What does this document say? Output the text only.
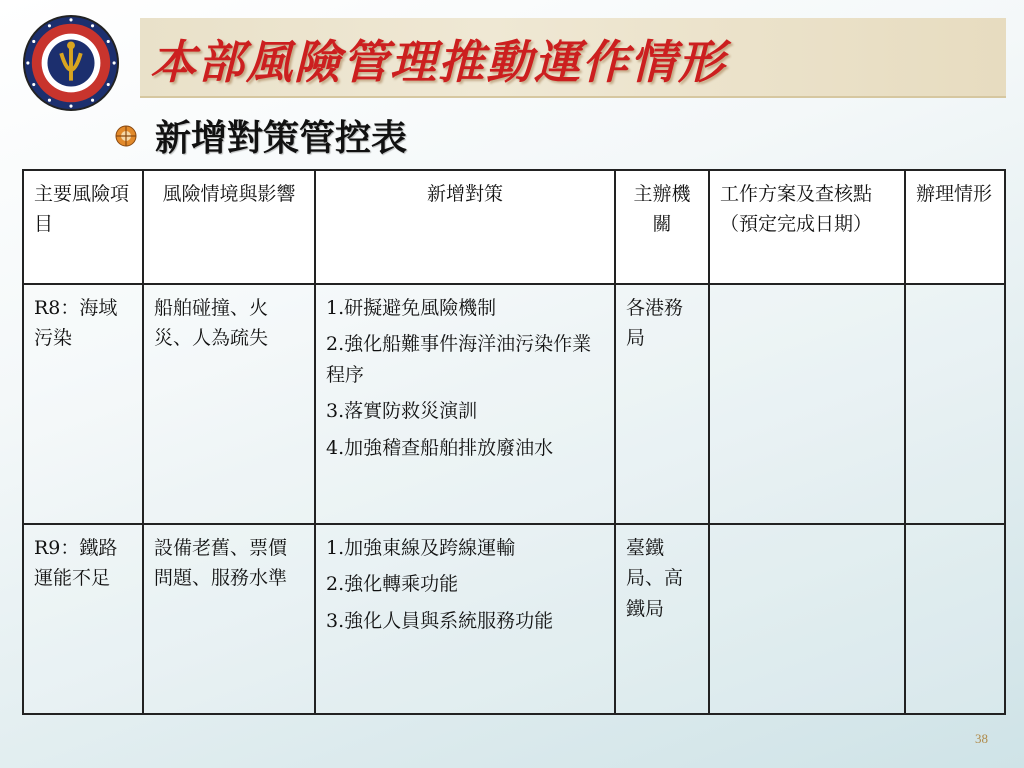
本部風險管理推動運作情形
新增對策管控表
主要風險項目	風險情境與影響	新增對策	主辦機關	工作方案及查核點（預定完成日期）	辦理情形
R8：海域污染	船舶碰撞、火災、人為疏失	1.研擬避免風險機制

2.強化船難事件海洋油污染作業程序

3.落實防救災演訓

4.加強稽查船舶排放廢油水	各港務局		
R9：鐵路運能不足	設備老舊、票價問題、服務水準	1.加強東線及跨線運輸

2.強化轉乘功能

3.強化人員與系統服務功能	臺鐵局、高鐵局		
38
